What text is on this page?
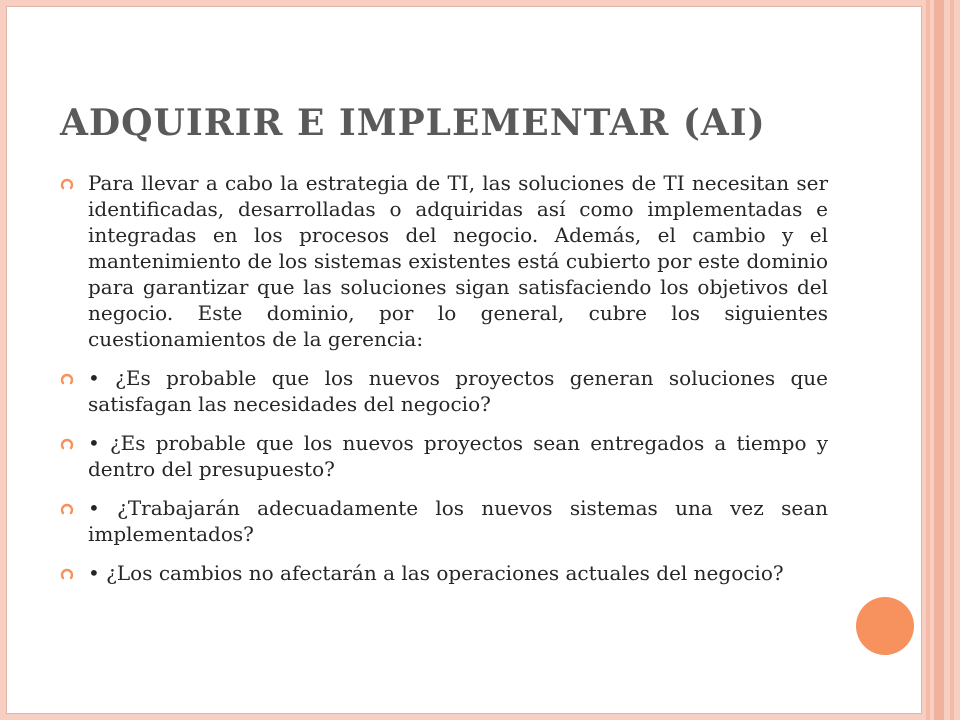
ADQUIRIR E IMPLEMENTAR (AI)
Para llevar a cabo la estrategia de TI, las soluciones de TI necesitan ser identificadas, desarrolladas o adquiridas así como implementadas e integradas en los procesos del negocio. Además, el cambio y el mantenimiento de los sistemas existentes está cubierto por este dominio para garantizar que las soluciones sigan satisfaciendo los objetivos del negocio. Este dominio, por lo general, cubre los siguientes cuestionamientos de la gerencia:
• ¿Es probable que los nuevos proyectos generan soluciones que satisfagan las necesidades del negocio?
• ¿Es probable que los nuevos proyectos sean entregados a tiempo y dentro del presupuesto?
• ¿Trabajarán adecuadamente los nuevos sistemas una vez sean implementados?
• ¿Los cambios no afectarán a las operaciones actuales del negocio?
